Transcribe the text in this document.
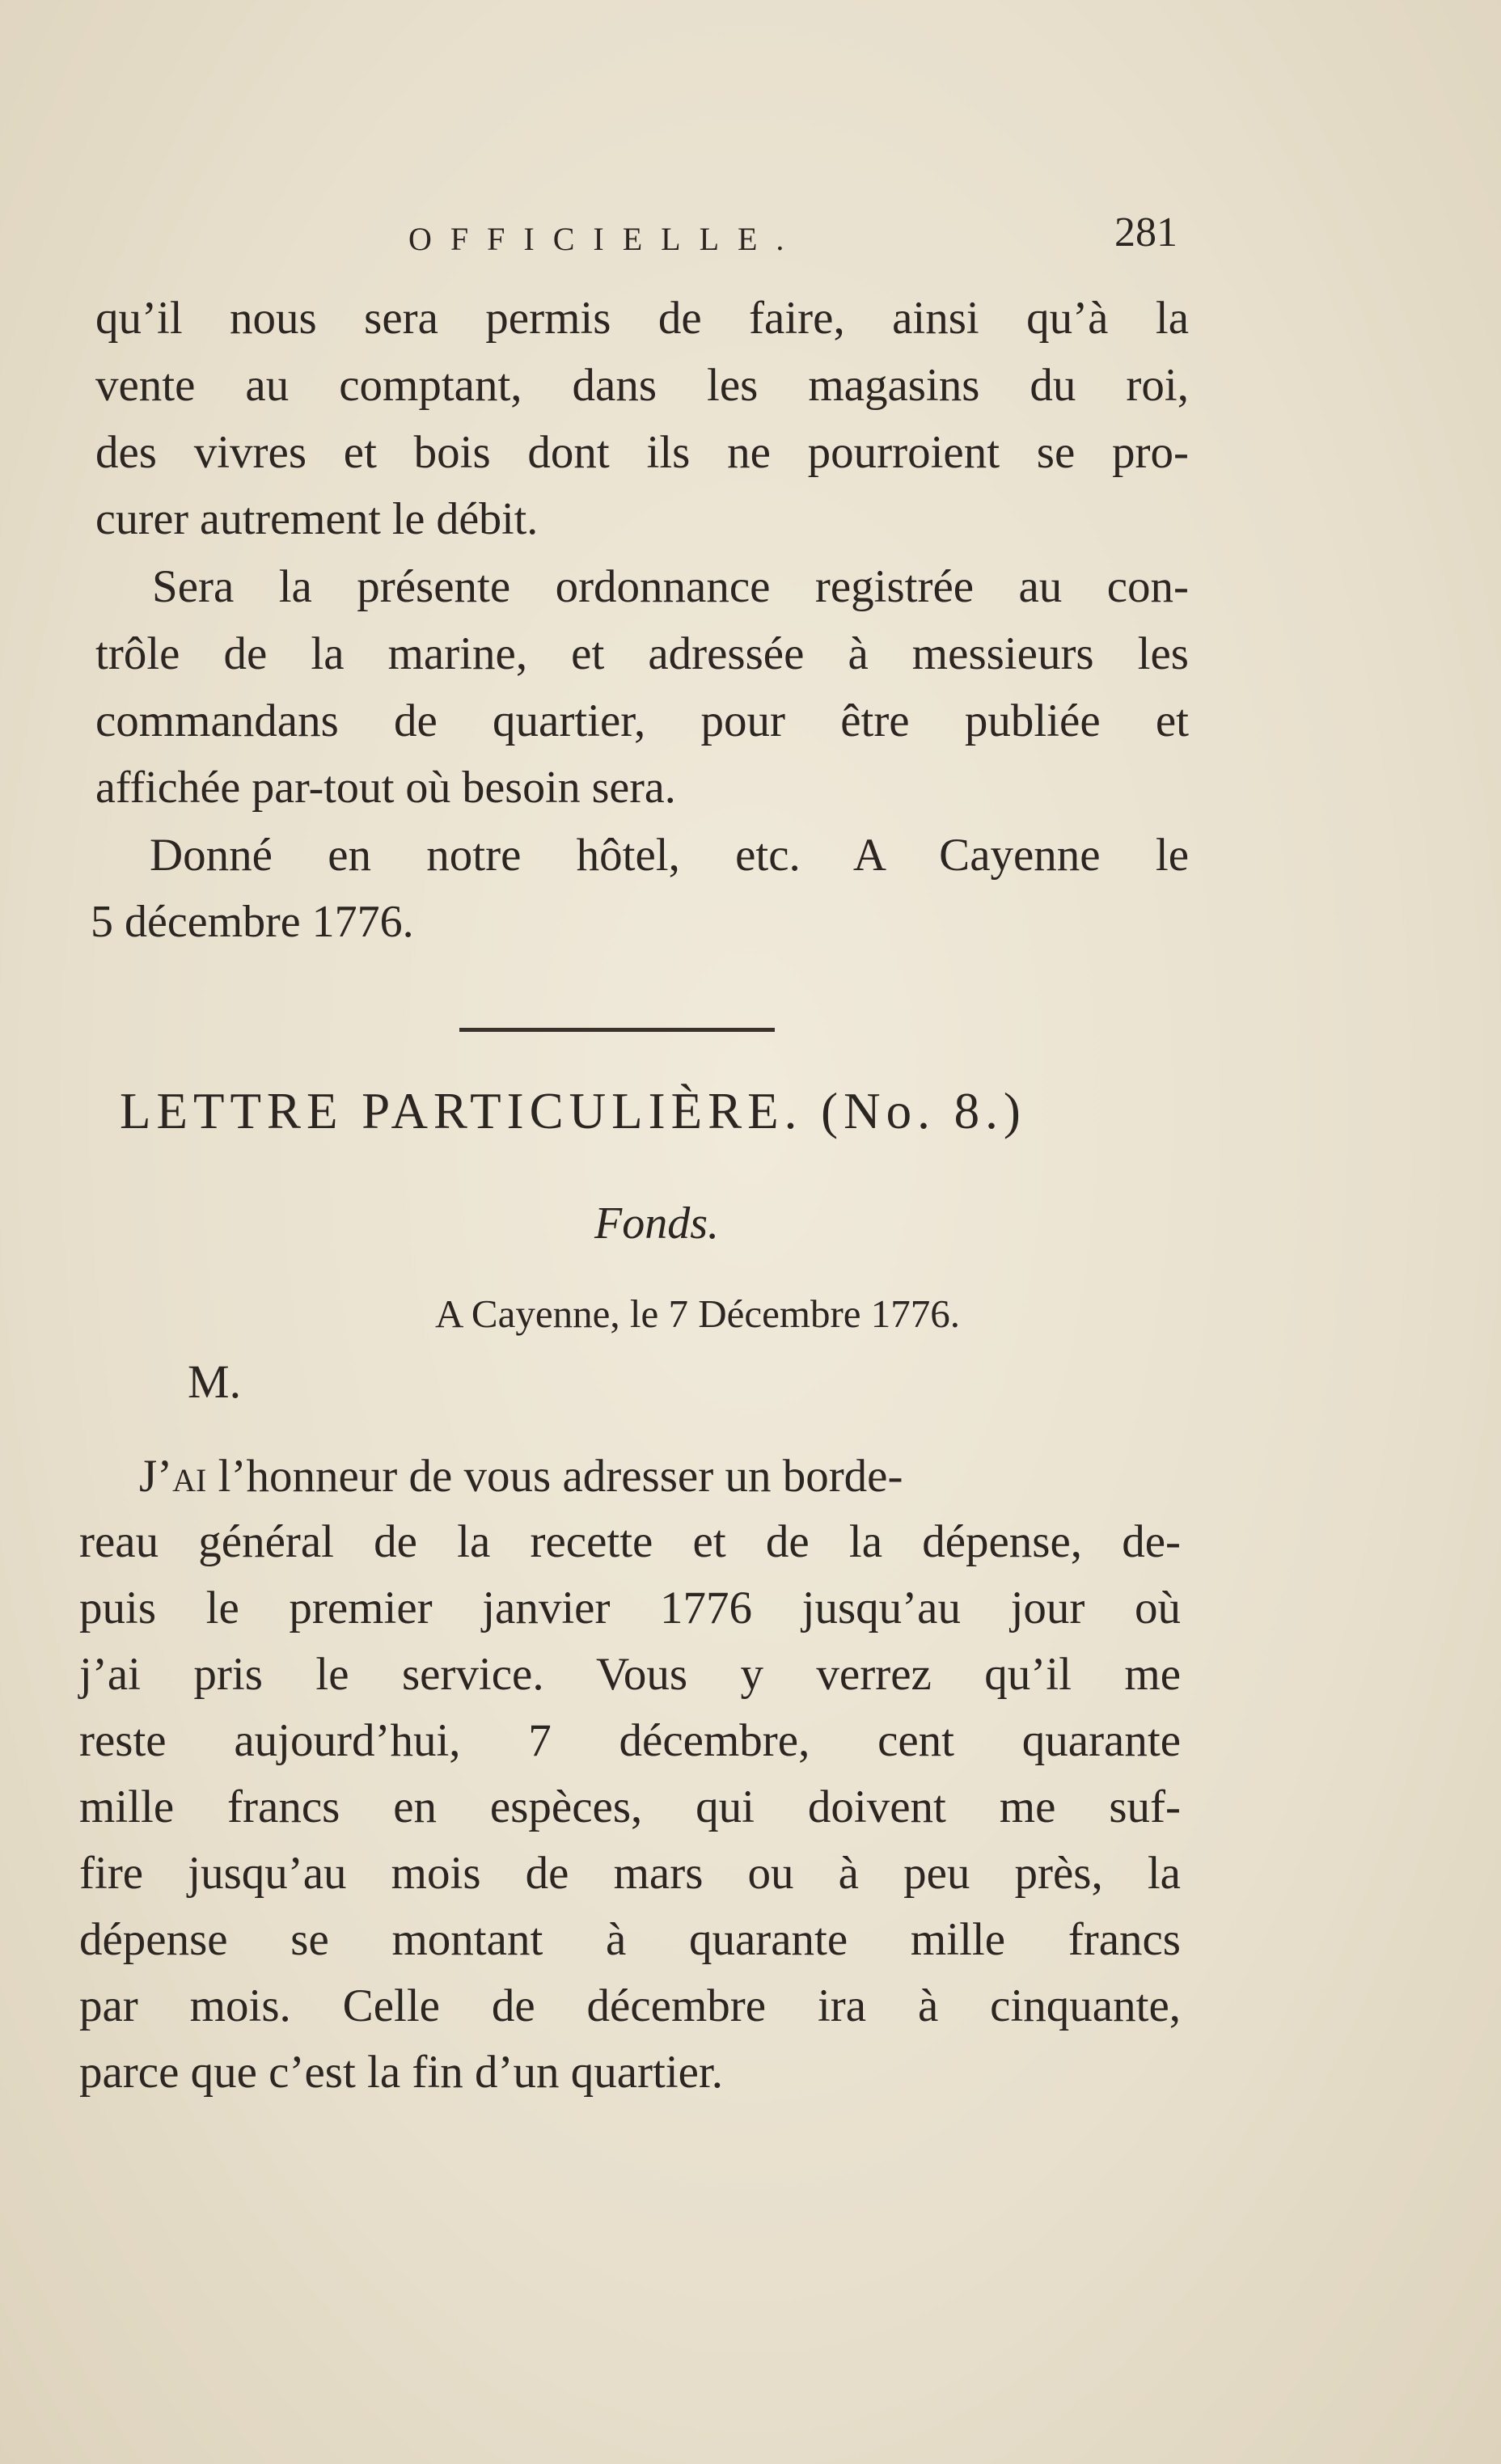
OFFICIELLE.	281
qu’il nous sera permis de faire, ainsi qu’à la
vente au comptant, dans les magasins du roi,
des vivres et bois dont ils ne pourroient se pro-
curer autrement le débit.
Sera la présente ordonnance registrée au con-
trôle de la marine, et adressée à messieurs les
commandans de quartier, pour être publiée et
affichée par-tout où besoin sera.
Donné en notre hôtel, etc. A Cayenne le
5 décembre 1776.
LETTRE PARTICULIÈRE. (No. 8.)
Fonds.
A Cayenne, le 7 Décembre 1776.
M.
J’ai l’honneur de vous adresser un borde-
reau général de la recette et de la dépense, de-
puis le premier janvier 1776 jusqu’au jour où
j’ai pris le service. Vous y verrez qu’il me
reste aujourd’hui, 7 décembre, cent quarante
mille francs en espèces, qui doivent me suf-
fire jusqu’au mois de mars ou à peu près, la
dépense se montant à quarante mille francs
par mois. Celle de décembre ira à cinquante,
parce que c’est la fin d’un quartier.
